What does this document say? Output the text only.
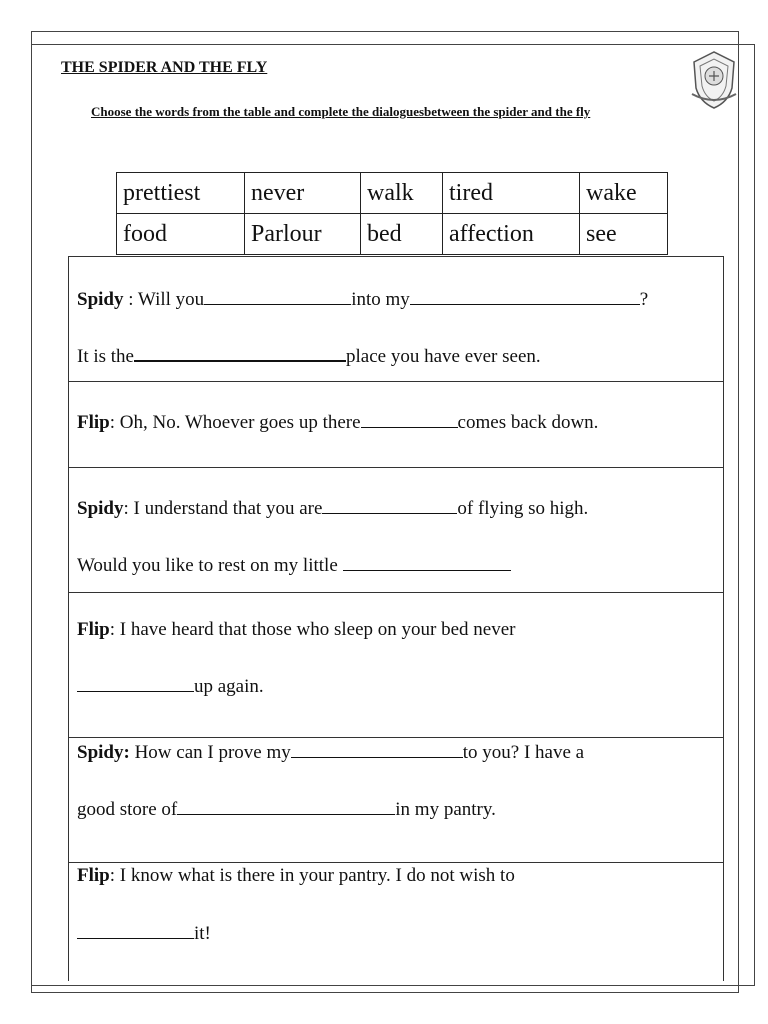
THE SPIDER AND THE FLY
Choose the words from the table and complete the dialoguesbetween the spider and the fly
prettiest	never	walk	tired	wake
food	Parlour	bed	affection	see
Spidy : Will you	into my	?
It is the	place you have ever seen.
Flip: Oh, No. Whoever goes up there	comes back down.
Spidy: I understand that you are	of flying so high.
Would you like to rest on my little
Flip: I have heard that those who sleep on your bed never
up again.
Spidy: How can I prove my	to you? I have a
good store of	in my pantry.
Flip: I know what is there in your pantry. I do not wish to
it!
